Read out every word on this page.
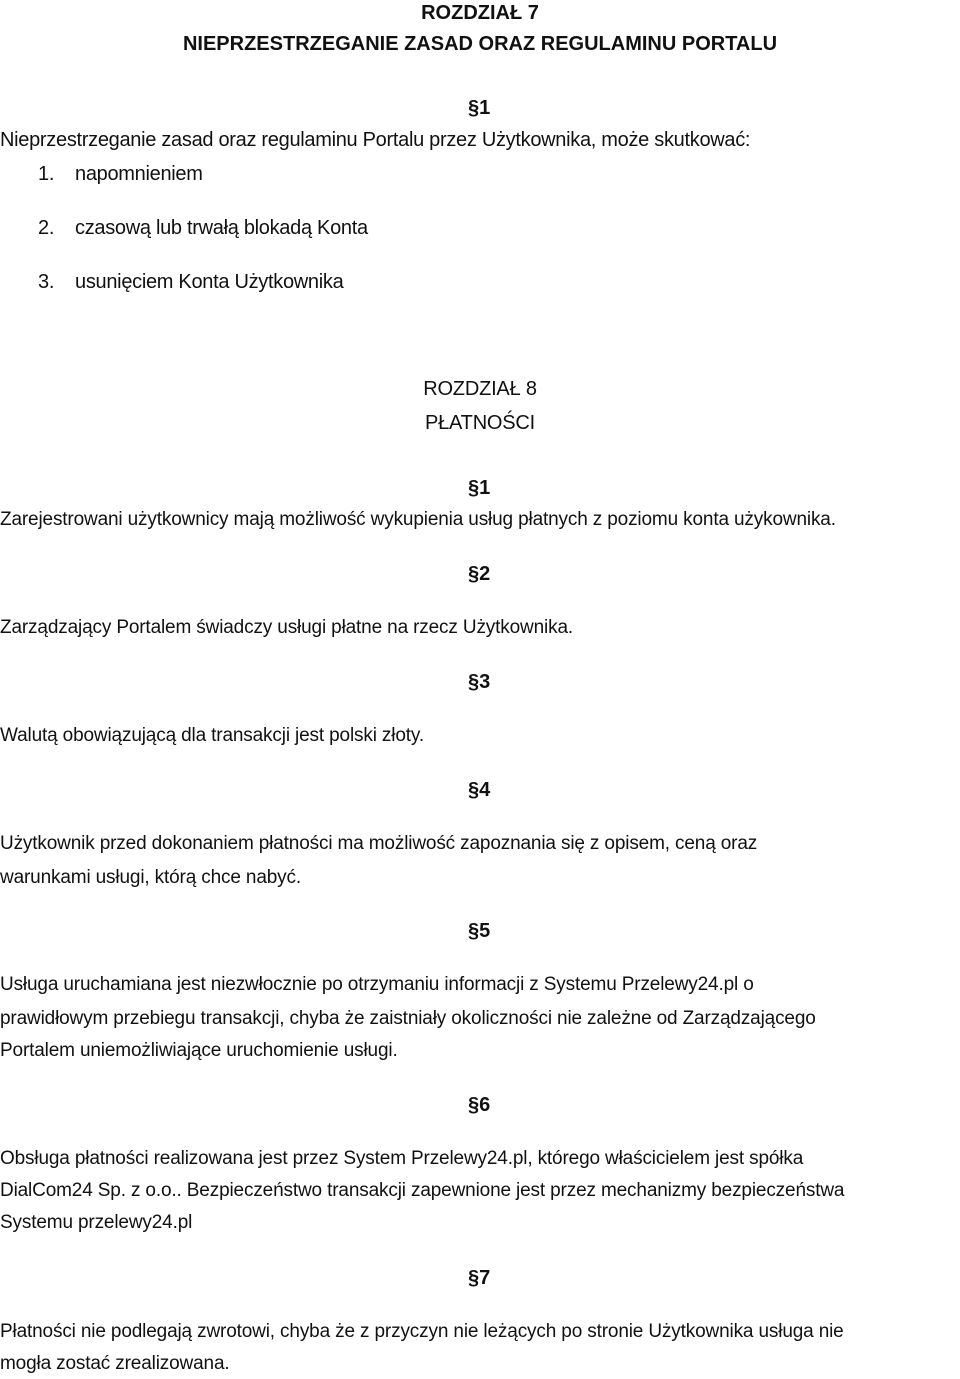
ROZDZIAŁ 7
NIEPRZESTRZEGANIE ZASAD ORAZ REGULAMINU PORTALU
§1
Nieprzestrzeganie zasad oraz regulaminu Portalu przez Użytkownika, może skutkować:
1. napomnieniem
2. czasową lub trwałą blokadą Konta
3. usunięciem Konta Użytkownika
ROZDZIAŁ 8
PŁATNOŚCI
§1
Zarejestrowani użytkownicy mają możliwość wykupienia usług płatnych z poziomu konta użykownika.
§2
Zarządzający Portalem świadczy usługi płatne na rzecz Użytkownika.
§3
Walutą obowiązującą dla transakcji jest polski złoty.
§4
Użytkownik przed dokonaniem płatności ma możliwość zapoznania się z opisem, ceną oraz
warunkami usługi, którą chce nabyć.
§5
Usługa uruchamiana jest niezwłocznie po otrzymaniu informacji z Systemu Przelewy24.pl o
prawidłowym przebiegu transakcji, chyba że zaistniały okoliczności nie zależne od Zarządzającego
Portalem uniemożliwiające uruchomienie usługi.
§6
Obsługa płatności realizowana jest przez System Przelewy24.pl, którego właścicielem jest spółka
DialCom24 Sp. z o.o.. Bezpieczeństwo transakcji zapewnione jest przez mechanizmy bezpieczeństwa
Systemu przelewy24.pl
§7
Płatności nie podlegają zwrotowi, chyba że z przyczyn nie leżących po stronie Użytkownika usługa nie
mogła zostać zrealizowana.
